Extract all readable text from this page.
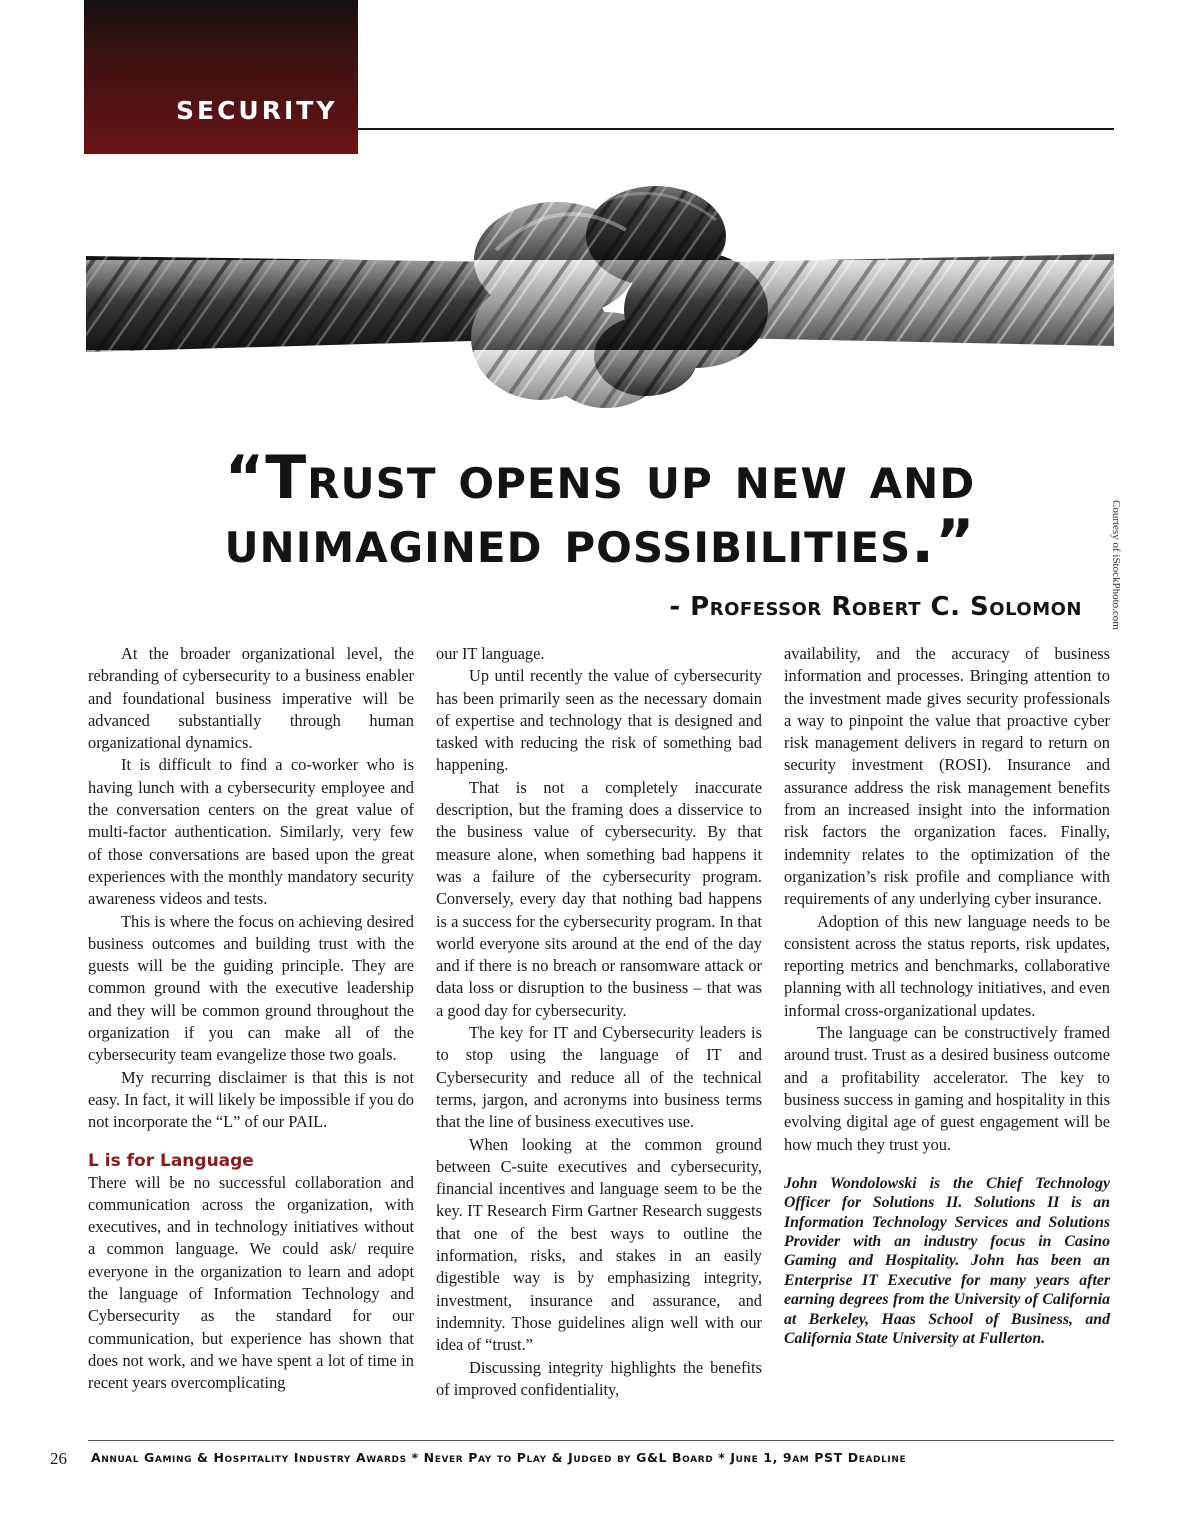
SECURITY
Courtesy of iStockPhoto.com
“Trust opens up new and
unimagined possibilities.”
- Professor Robert C. Solomon

At the broader organizational level, the rebranding of cybersecurity to a business enabler and foundational business imperative will be advanced substantially through human organizational dynamics.

It is difficult to find a co-worker who is having lunch with a cybersecurity employee and the conversation centers on the great value of multi-factor authentication. Similarly, very few of those conversations are based upon the great experiences with the monthly mandatory security awareness videos and tests.

This is where the focus on achieving desired business outcomes and building trust with the guests will be the guiding principle. They are common ground with the executive leadership and they will be common ground throughout the organization if you can make all of the cybersecurity team evangelize those two goals.

My recurring disclaimer is that this is not easy. In fact, it will likely be impossible if you do not incorporate the “L” of our PAIL.

L is for Language

There will be no successful collaboration and communication across the organization, with executives, and in technology initiatives without a common language. We could ask/ require everyone in the organization to learn and adopt the language of Information Technology and Cybersecurity as the standard for our communication, but experience has shown that does not work, and we have spent a lot of time in recent years overcomplicating

our IT language.

Up until recently the value of cybersecurity has been primarily seen as the necessary domain of expertise and technology that is designed and tasked with reducing the risk of something bad happening.

That is not a completely inaccurate description, but the framing does a disservice to the business value of cybersecurity. By that measure alone, when something bad happens it was a failure of the cybersecurity program. Conversely, every day that nothing bad happens is a success for the cybersecurity program. In that world everyone sits around at the end of the day and if there is no breach or ransomware attack or data loss or disruption to the business – that was a good day for cybersecurity.

The key for IT and Cybersecurity leaders is to stop using the language of IT and Cybersecurity and reduce all of the technical terms, jargon, and acronyms into business terms that the line of business executives use.

When looking at the common ground between C-suite executives and cybersecurity, financial incentives and language seem to be the key. IT Research Firm Gartner Research suggests that one of the best ways to outline the information, risks, and stakes in an easily digestible way is by emphasizing integrity, investment, insurance and assurance, and indemnity. Those guidelines align well with our idea of “trust.”

Discussing integrity highlights the benefits of improved confidentiality,

availability, and the accuracy of business information and processes. Bringing attention to the investment made gives security professionals a way to pinpoint the value that proactive cyber risk management delivers in regard to return on security investment (ROSI). Insurance and assurance address the risk management benefits from an increased insight into the information risk factors the organization faces. Finally, indemnity relates to the optimization of the organization’s risk profile and compliance with requirements of any underlying cyber insurance.

Adoption of this new language needs to be consistent across the status reports, risk updates, reporting metrics and benchmarks, collaborative planning with all technology initiatives, and even informal cross-organizational updates.

The language can be constructively framed around trust. Trust as a desired business outcome and a profitability accelerator. The key to business success in gaming and hospitality in this evolving digital age of guest engagement will be how much they trust you.

John Wondolowski is the Chief Technology Officer for Solutions II. Solutions II is an Information Technology Services and Solutions Provider with an industry focus in Casino Gaming and Hospitality. John has been an Enterprise IT Executive for many years after earning degrees from the University of California at Berkeley, Haas School of Business, and California State University at Fullerton.

26 Annual Gaming & Hospitality Industry Awards * Never Pay to Play & Judged by G&L Board * June 1, 9am PST Deadline
